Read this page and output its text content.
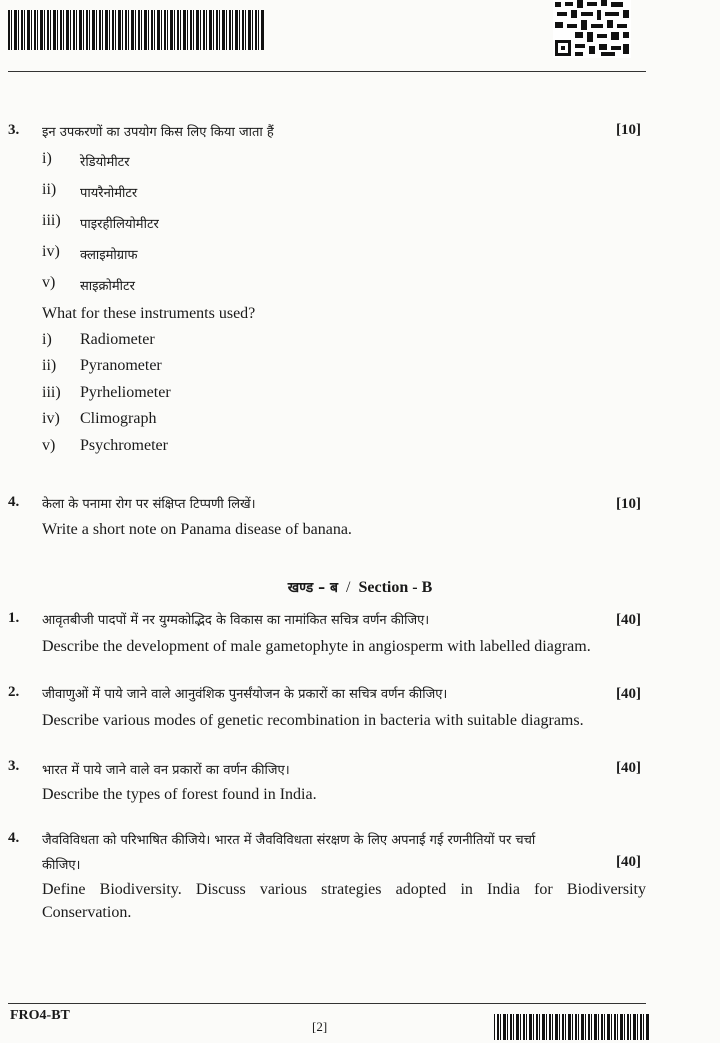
3. इन उपकरणों का उपयोग किस लिए किया जाता हैं	[10]
i) रेडियोमीटर
ii) पायरैनोमीटर
iii) पाइरहीलियोमीटर
iv) क्लाइमोग्राफ
v) साइक्रोमीटर
What for these instruments used?
i) Radiometer
ii) Pyranometer
iii) Pyrheliometer
iv) Climograph
v) Psychrometer
4. केला के पनामा रोग पर संक्षिप्त टिप्पणी लिखें।	[10]
Write a short note on Panama disease of banana.
खण्ड – ब / Section - B
1. आवृतबीजी पादपों में नर युग्मकोद्भिद के विकास का नामांकित सचित्र वर्णन कीजिए।	[40]
Describe the development of male gametophyte in angiosperm with labelled diagram.
2. जीवाणुओं में पाये जाने वाले आनुवंशिक पुनर्संयोजन के प्रकारों का सचित्र वर्णन कीजिए।	[40]
Describe various modes of genetic recombination in bacteria with suitable diagrams.
3. भारत में पाये जाने वाले वन प्रकारों का वर्णन कीजिए।	[40]
Describe the types of forest found in India.
4. जैवविविधता को परिभाषित कीजिये। भारत में जैवविविधता संरक्षण के लिए अपनाई गई रणनीतियों पर चर्चा
कीजिए।	[40]
Define Biodiversity. Discuss various strategies adopted in India for Biodiversity
Conservation.
FRO4-BT
[2]
